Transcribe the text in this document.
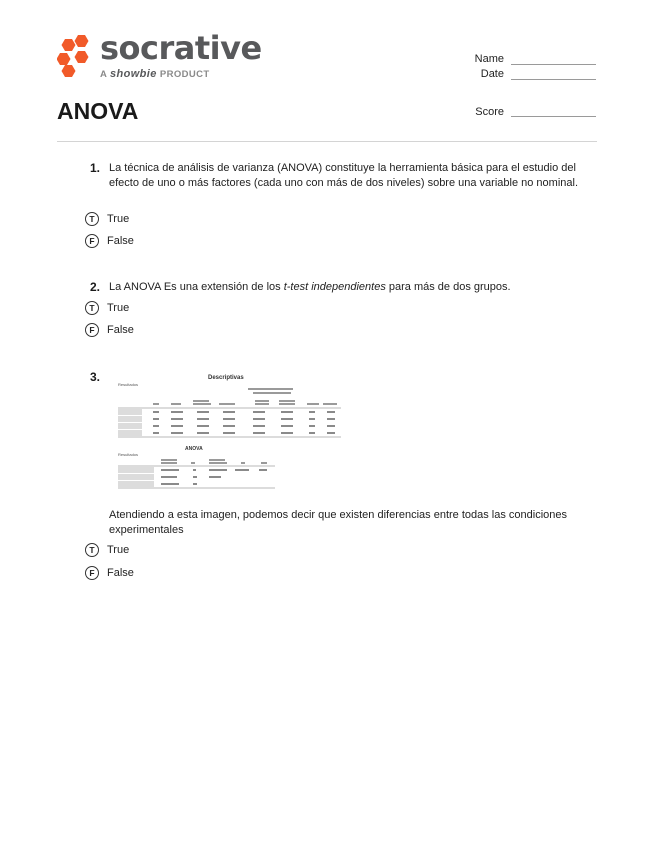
socrative
A showbie PRODUCT
Name
Date
ANOVA	Score
1. La técnica de análisis de varianza (ANOVA) constituye la herramienta básica para el estudio del efecto de uno o más factores (cada uno con más de dos niveles) sobre una variable no nominal.
T	True
F	False
2. La ANOVA Es una extensión de los t-test independientes para más de dos grupos.
T	True
F	False
3.	Descriptivas
Resultados
ANOVA
Resultados
Atendiendo a esta imagen, podemos decir que existen diferencias entre todas las condiciones experimentales
T	True
F	False
